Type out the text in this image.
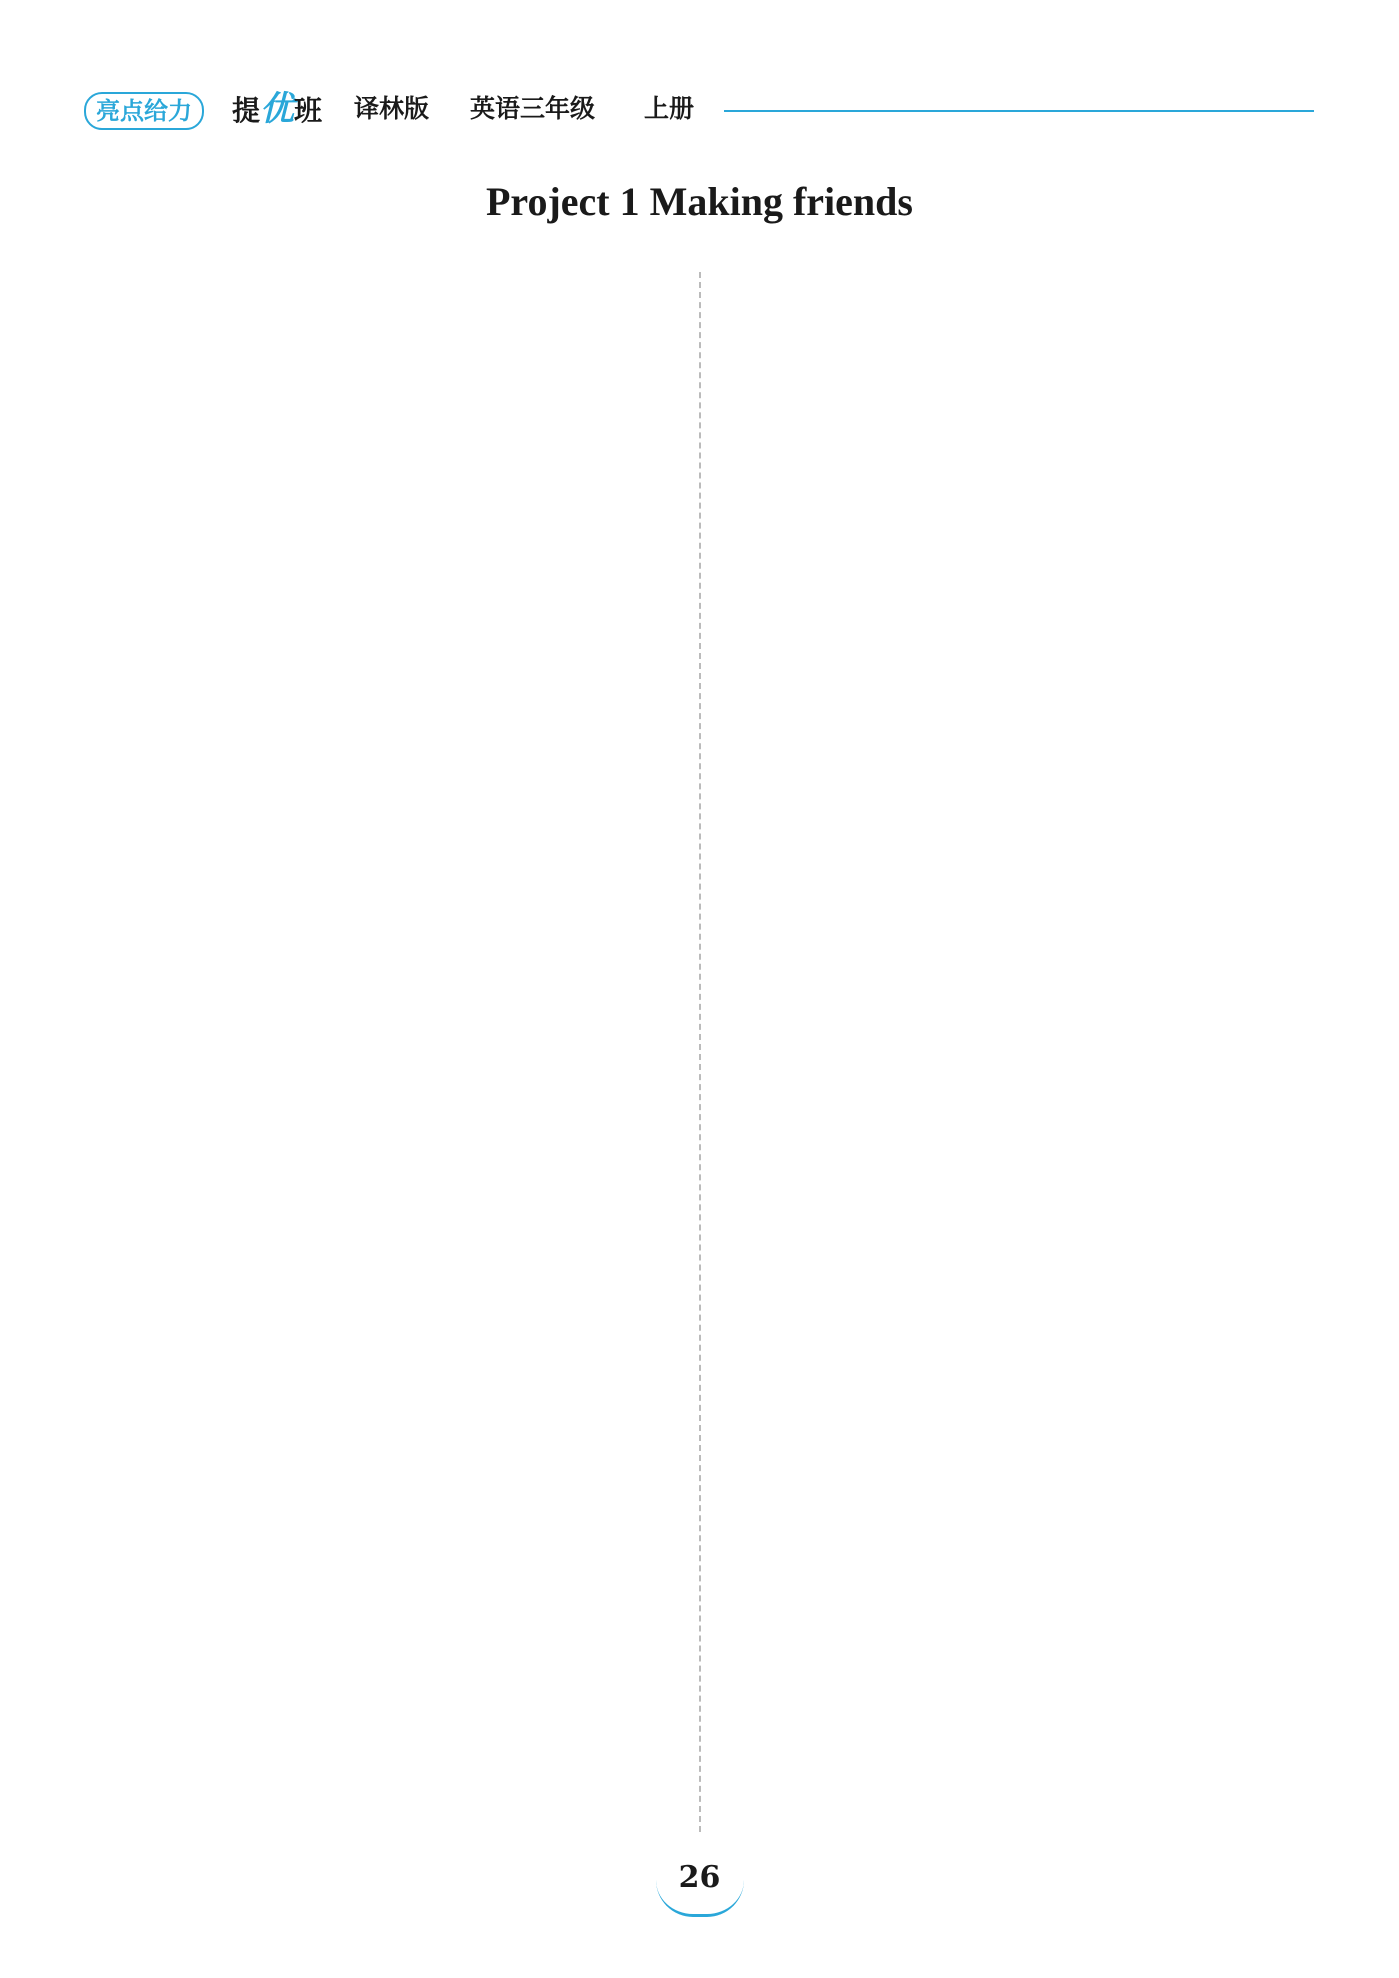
亮点给力	提优班 译林版 英语三年级 上册
Project 1 Making friends
26
